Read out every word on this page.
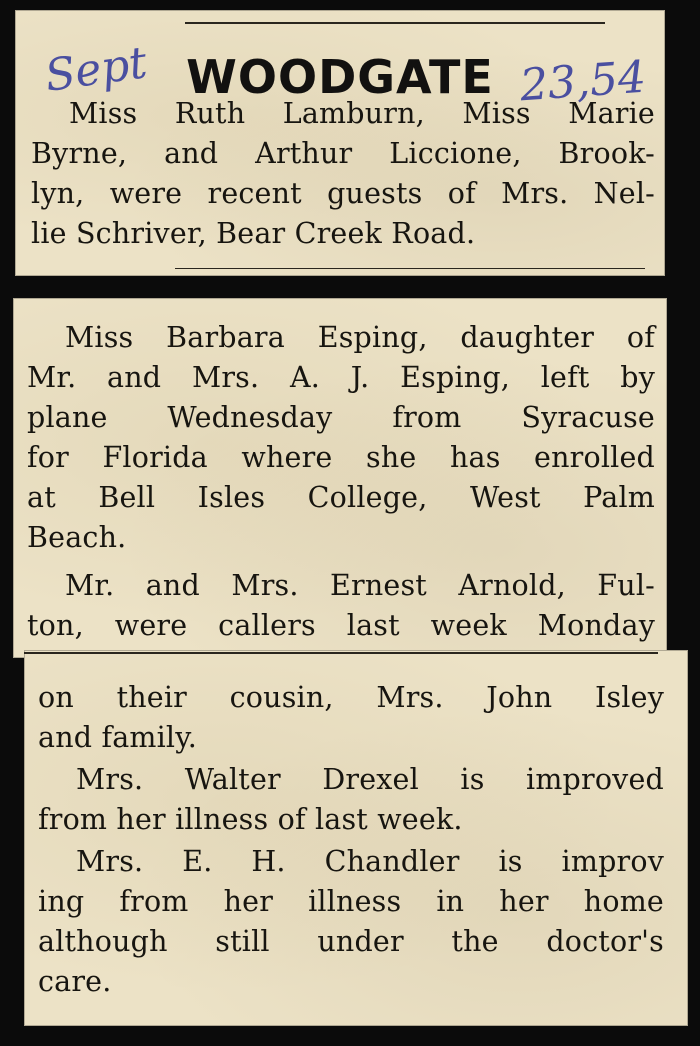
Sept WOODGATE 23,54
Miss Ruth Lamburn, Miss Marie
Byrne, and Arthur Liccione, Brook-
lyn, were recent guests of Mrs. Nel-
lie Schriver, Bear Creek Road.
Miss Barbara Esping, daughter of
Mr. and Mrs. A. J. Esping, left by
plane Wednesday from Syracuse
for Florida where she has enrolled
at Bell Isles College, West Palm
Beach.
Mr. and Mrs. Ernest Arnold, Ful-
ton, were callers last week Monday
on their cousin, Mrs. John Isley
and family.
Mrs. Walter Drexel is improved
from her illness of last week.
Mrs. E. H. Chandler is improv
ing from her illness in her home
although still under the doctor's
care.
